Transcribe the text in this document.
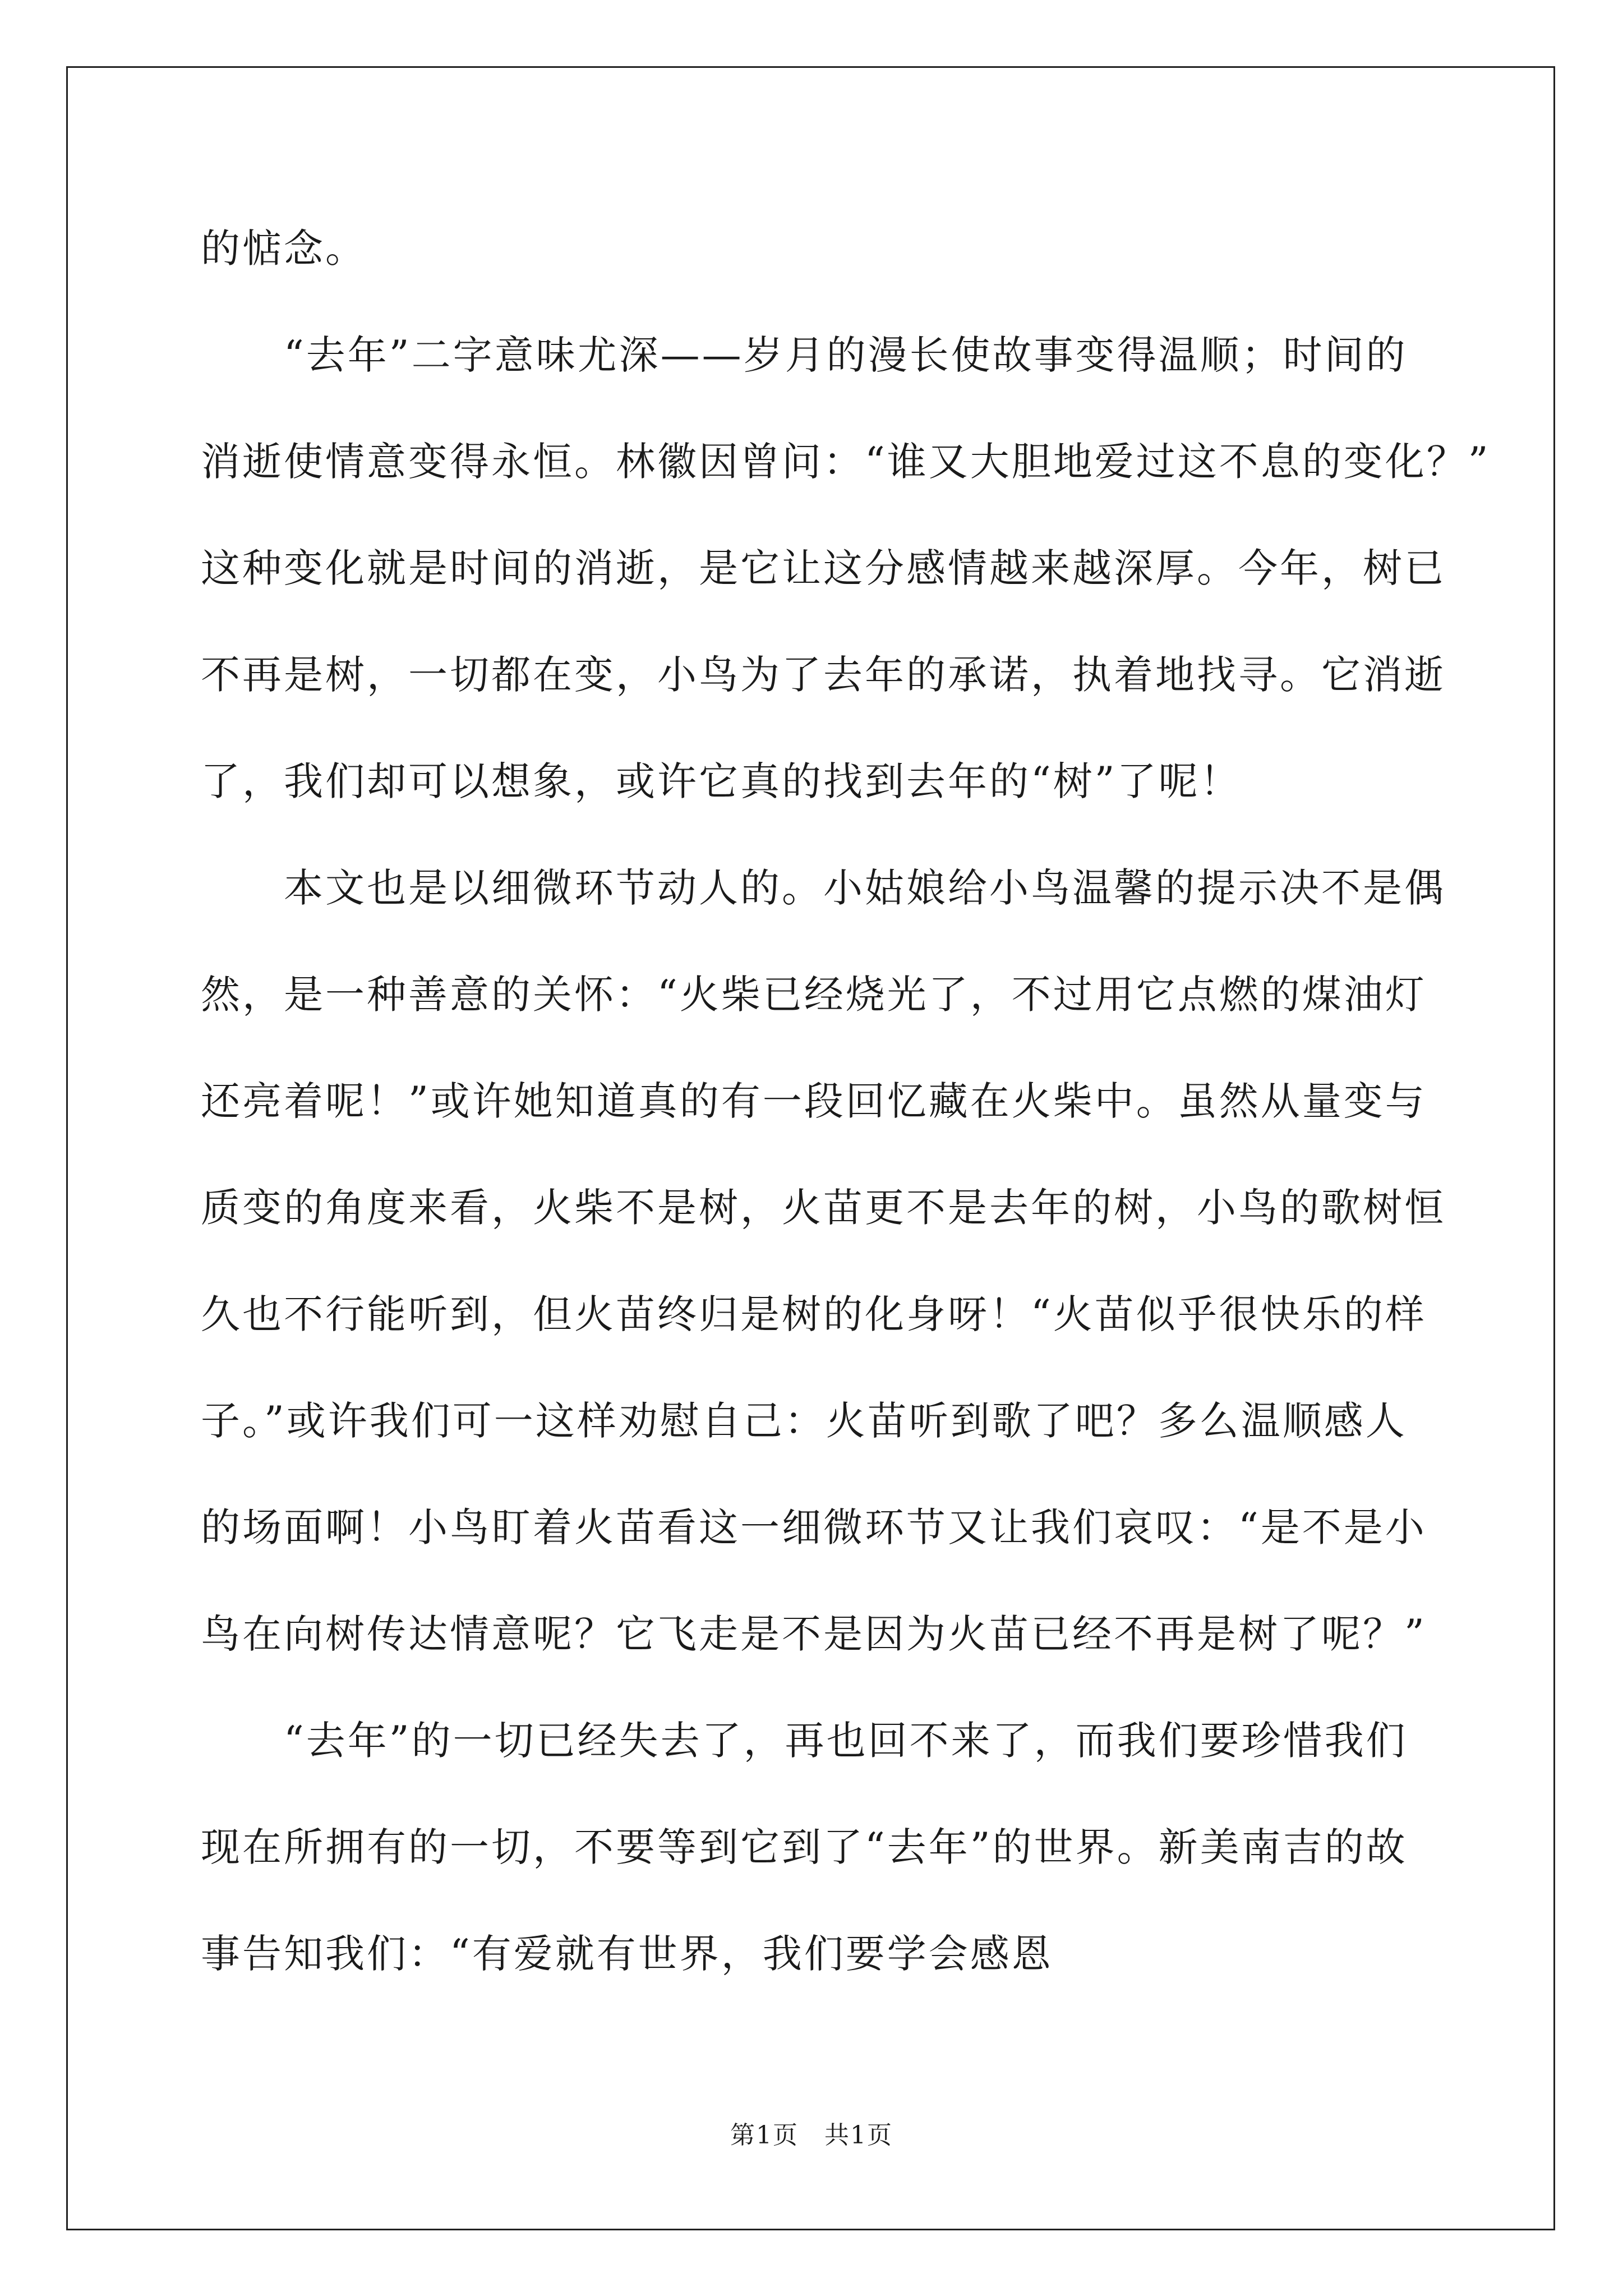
的惦念。
　　“去年”二字意味尤深——岁月的漫长使故事变得温顺；时间的
消逝使情意变得永恒。林徽因曾问：“谁又大胆地爱过这不息的变化？”
这种变化就是时间的消逝，是它让这分感情越来越深厚。今年，树已
不再是树，一切都在变，小鸟为了去年的承诺，执着地找寻。它消逝
了，我们却可以想象，或许它真的找到去年的“树”了呢！
　　本文也是以细微环节动人的。小姑娘给小鸟温馨的提示决不是偶
然，是一种善意的关怀：“火柴已经烧光了，不过用它点燃的煤油灯
还亮着呢！”或许她知道真的有一段回忆藏在火柴中。虽然从量变与
质变的角度来看，火柴不是树，火苗更不是去年的树，小鸟的歌树恒
久也不行能听到，但火苗终归是树的化身呀！“火苗似乎很快乐的样
子。”或许我们可一这样劝慰自己：火苗听到歌了吧？多么温顺感人
的场面啊！小鸟盯着火苗看这一细微环节又让我们哀叹：“是不是小
鸟在向树传达情意呢？它飞走是不是因为火苗已经不再是树了呢？”
　　“去年”的一切已经失去了，再也回不来了，而我们要珍惜我们
现在所拥有的一切，不要等到它到了“去年”的世界。新美南吉的故
事告知我们：“有爱就有世界，我们要学会感恩
第1页　共1页
